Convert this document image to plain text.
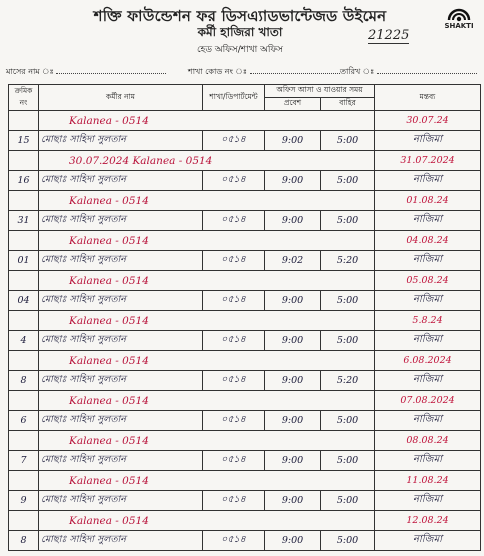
শক্তি ফাউন্ডেশন ফর ডিসএ্যাডভান্টেজড উইমেন
কর্মী হাজিরা খাতা
হেড অফিস/শাখা অফিস
21225
SHAKTI
মাসের নাম ঃ	শাখা কোড নং ঃ	তারিখ ঃ
ক্রমিক নং	কর্মীর নাম	শাখা/ডিপার্টমেন্ট	অফিস আসা ও যাওয়ার সময়		মন্তব্য
			প্রবেশ	বাহির	
	Kalanea - 0514				30.07.24
15	মোছাঃ সাহিদা সুলতান	০৫১৪	9:00	5:00	নাজিমা
	30.07.2024 Kalanea - 0514				31.07.2024
16	মোছাঃ সাহিদা সুলতান	০৫১৪	9:00	5:00	নাজিমা
	Kalanea - 0514				01.08.24
31	মোছাঃ সাহিদা সুলতান	০৫১৪	9:00	5:00	নাজিমা
	Kalanea - 0514				04.08.24
01	মোছাঃ সাহিদা সুলতান	০৫১৪	9:02	5:20	নাজিমা
	Kalanea - 0514				05.08.24
04	মোছাঃ সাহিদা সুলতান	০৫১৪	9:00	5:00	নাজিমা
	Kalanea - 0514				5.8.24
4	মোছাঃ সাহিদা সুলতান	০৫১৪	9:00	5:00	নাজিমা
	Kalanea - 0514				6.08.2024
8	মোছাঃ সাহিদা সুলতান	০৫১৪	9:00	5:20	নাজিমা
	Kalanea - 0514				07.08.2024
6	মোছাঃ সাহিদা সুলতান	০৫১৪	9:00	5:00	নাজিমা
	Kalanea - 0514				08.08.24
7	মোছাঃ সাহিদা সুলতান	০৫১৪	9:00	5:00	নাজিমা
	Kalanea - 0514				11.08.24
9	মোছাঃ সাহিদা সুলতান	০৫১৪	9:00	5:00	নাজিমা
	Kalanea - 0514				12.08.24
8	মোছাঃ সাহিদা সুলতান	০৫১৪	9:00	5:00	নাজিমা
